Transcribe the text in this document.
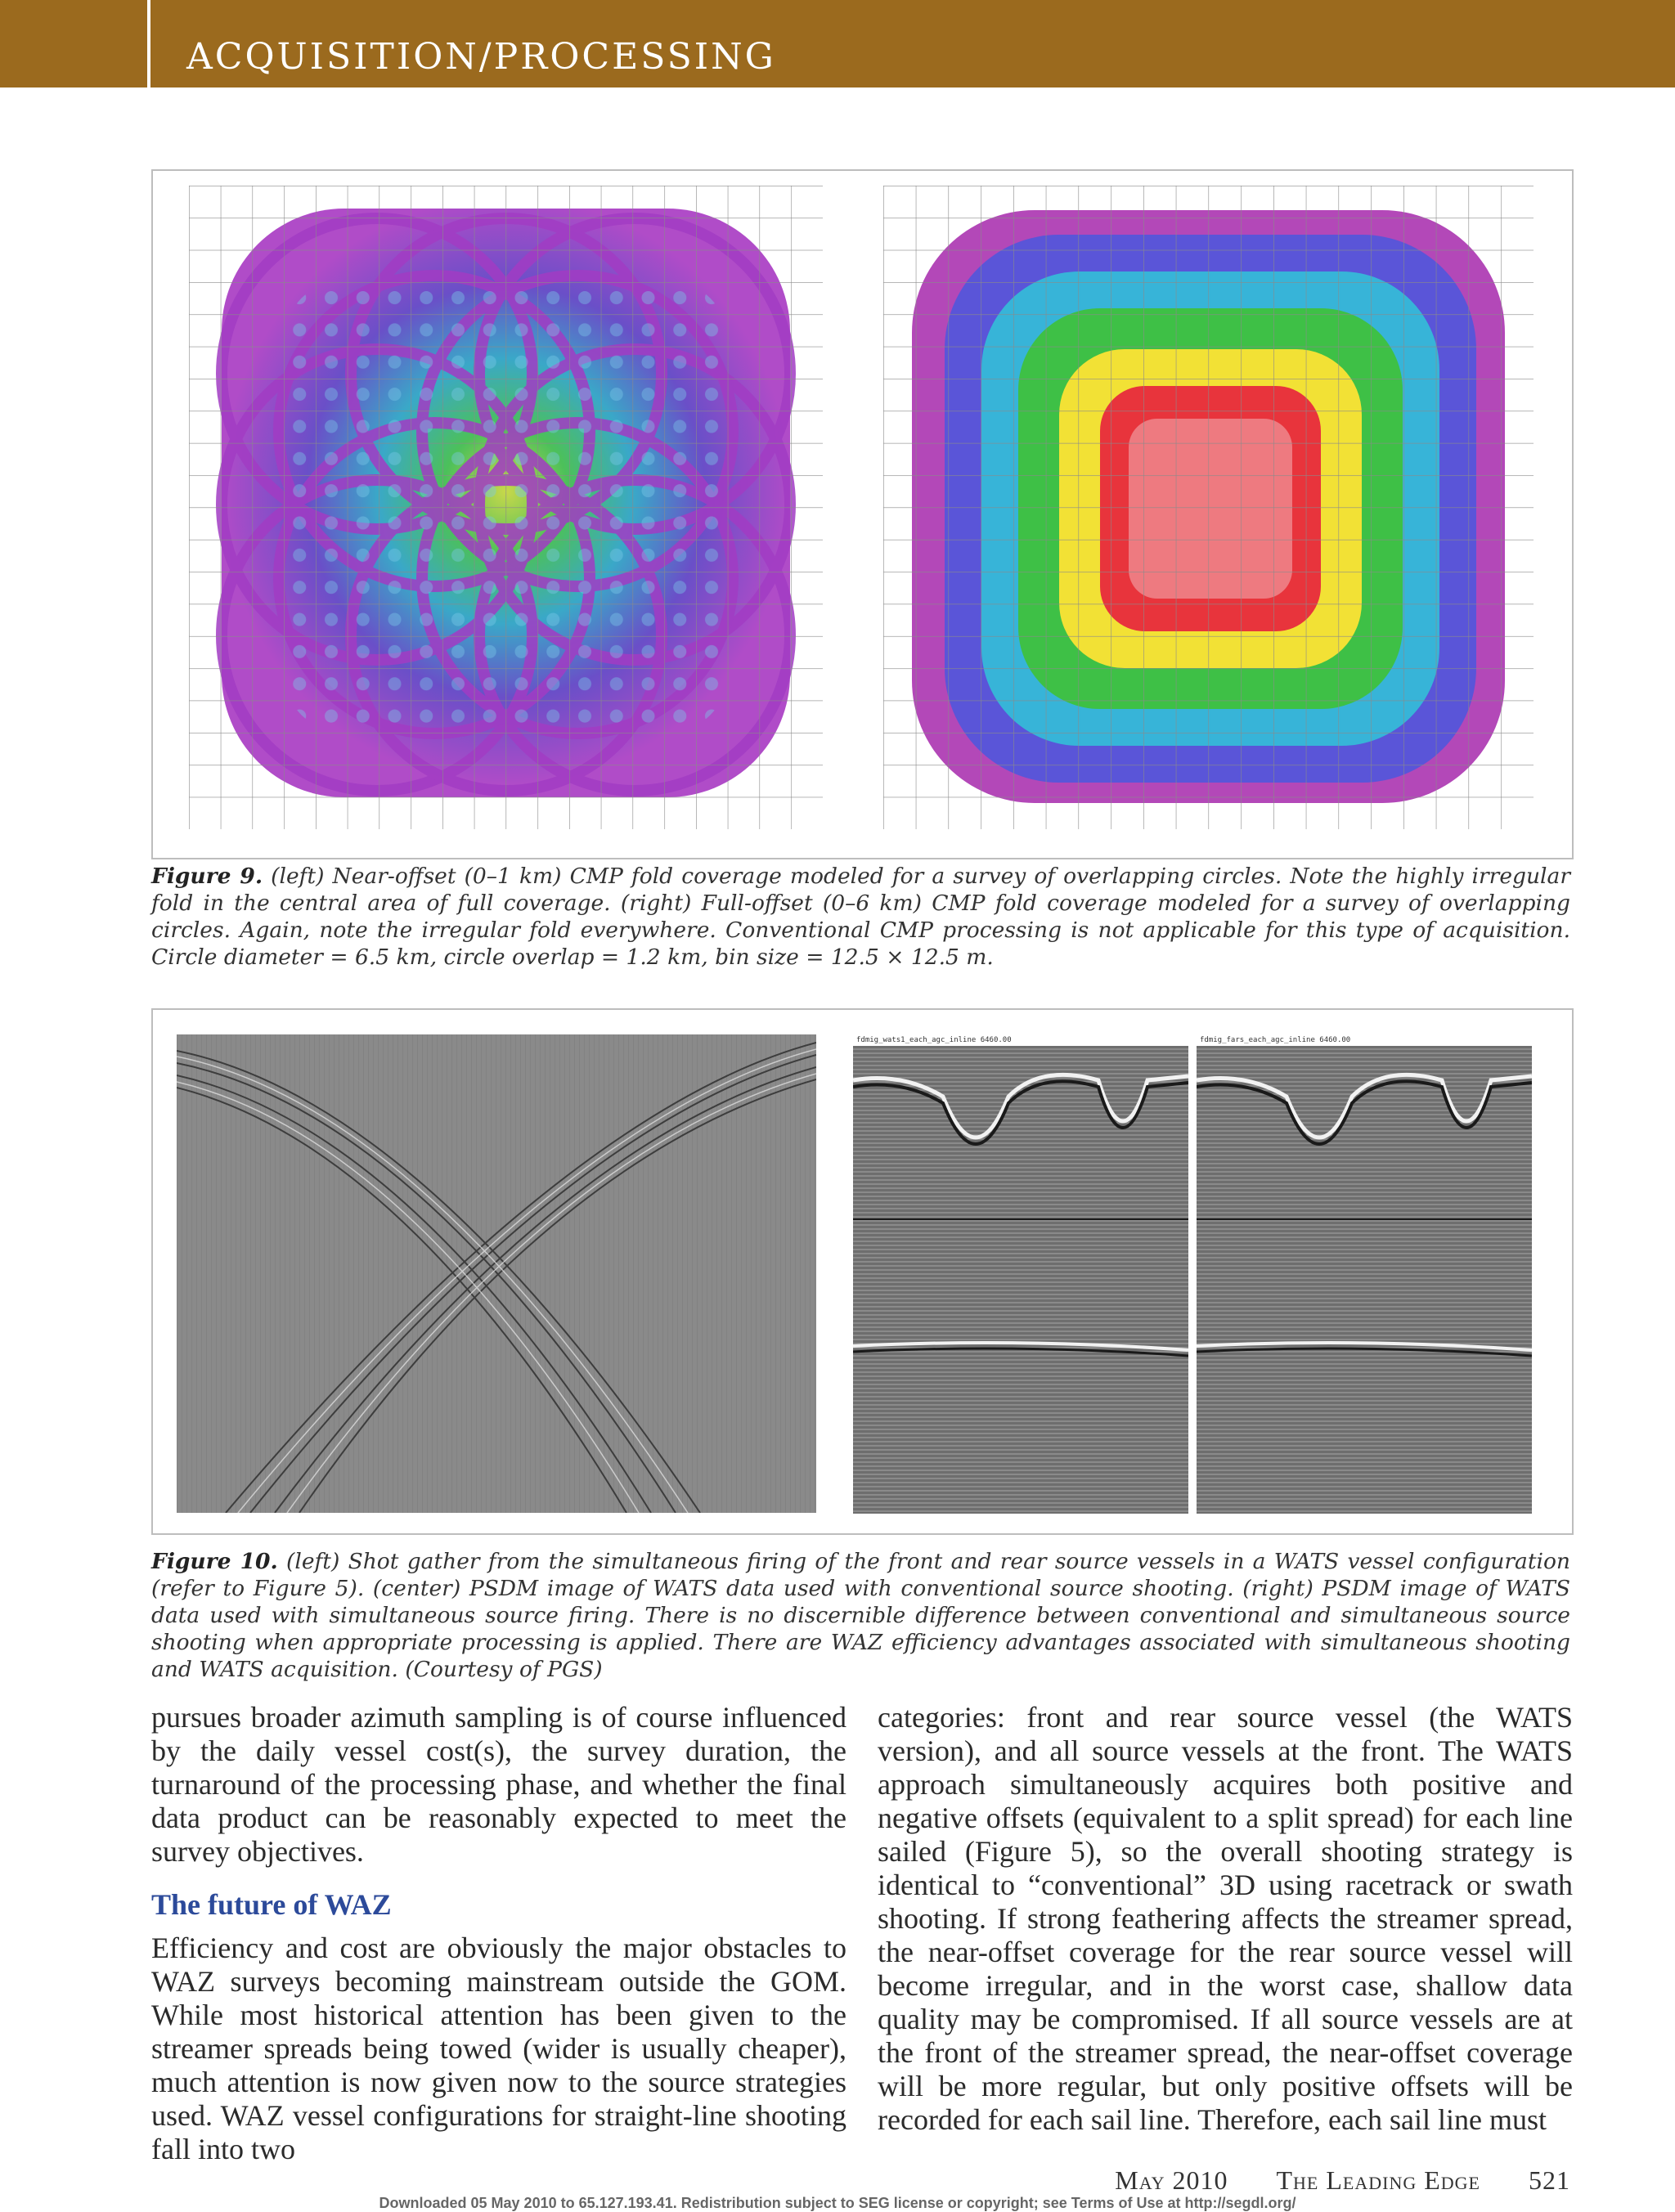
ACQUISITION/PROCESSING
Figure 9. (left) Near-offset (0–1 km) CMP fold coverage modeled for a survey of overlapping circles. Note the highly irregular fold in the central area of full coverage. (right) Full-offset (0–6 km) CMP fold coverage modeled for a survey of overlapping circles. Again, note the irregular fold everywhere. Conventional CMP processing is not applicable for this type of acquisition. Circle diameter = 6.5 km, circle overlap = 1.2 km, bin size = 12.5 × 12.5 m.
fdmig_wats1_each_agc_inline 6460.00	fdmig_fars_each_agc_inline 6460.00
Figure 10. (left) Shot gather from the simultaneous firing of the front and rear source vessels in a WATS vessel configuration (refer to Figure 5). (center) PSDM image of WATS data used with conventional source shooting. (right) PSDM image of WATS data used with simultaneous source firing. There is no discernible difference between conventional and simultaneous source shooting when appropriate processing is applied. There are WAZ efficiency advantages associated with simultaneous shooting and WATS acquisition. (Courtesy of PGS)

pursues broader azimuth sampling is of course influenced by the daily vessel cost(s), the survey duration, the turnaround of the processing phase, and whether the final data product can be reasonably expected to meet the survey objectives.

The future of WAZ

Efficiency and cost are obviously the major obstacles to WAZ surveys becoming mainstream outside the GOM. While most historical attention has been given to the streamer spreads being towed (wider is usually cheaper), much attention is now given now to the source strategies used. WAZ vessel configurations for straight-line shooting fall into two

categories: front and rear source vessel (the WATS version), and all source vessels at the front. The WATS approach simultaneously acquires both positive and negative offsets (equivalent to a split spread) for each line sailed (Figure 5), so the overall shooting strategy is identical to “conventional” 3D using racetrack or swath shooting. If strong feathering affects the streamer spread, the near-offset coverage for the rear source vessel will become irregular, and in the worst case, shallow data quality may be compromised. If all source vessels are at the front of the streamer spread, the near-offset coverage will be more regular, but only positive offsets will be recorded for each sail line. Therefore, each sail line must

May 2010 The Leading Edge 521
Downloaded 05 May 2010 to 65.127.193.41. Redistribution subject to SEG license or copyright; see Terms of Use at http://segdl.org/
